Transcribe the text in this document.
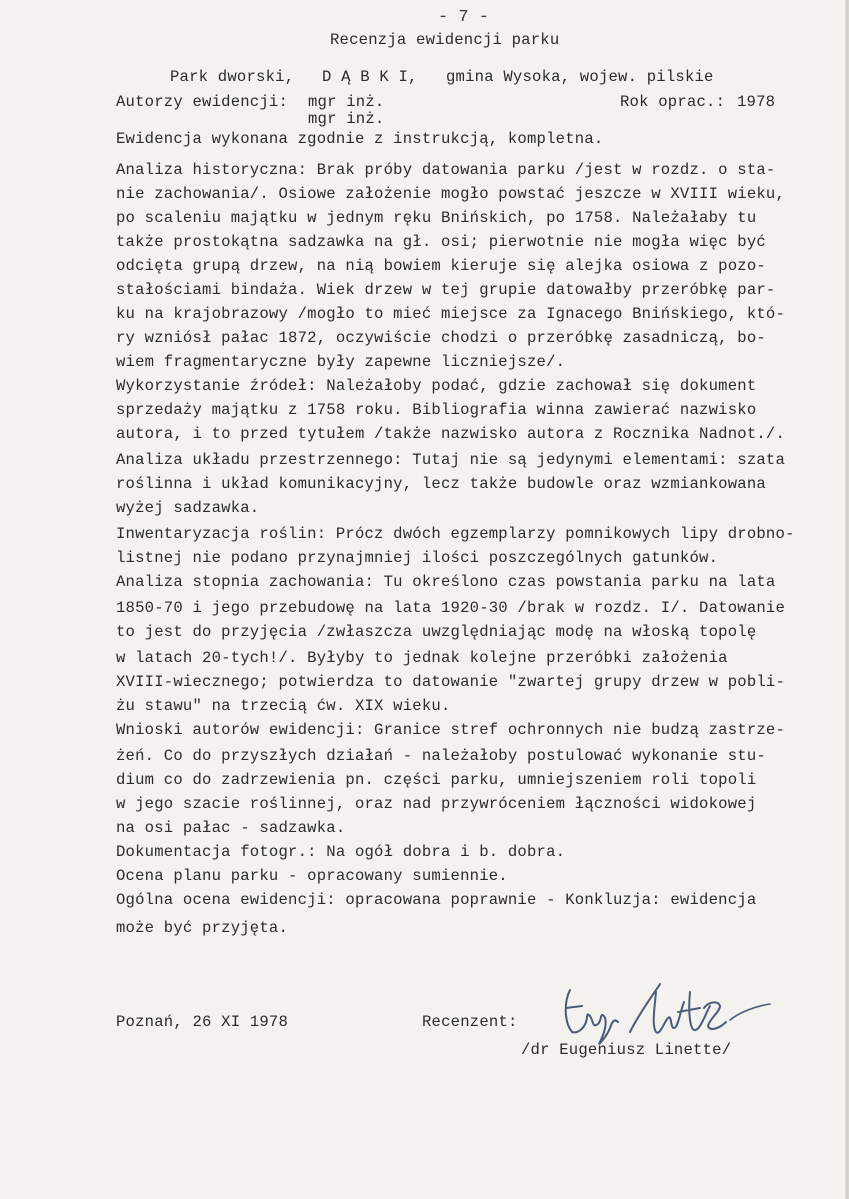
- 7 -
Recenzja ewidencji parku
Park dworski, D Ą B K I, gmina Wysoka, wojew. pilskie
Autorzy ewidencji: mgr inż.
mgr inż.
Rok oprac.: 1978
Ewidencja wykonana zgodnie z instrukcją, kompletna.
Analiza historyczna: Brak próby datowania parku /jest w rozdz. o sta-
nie zachowania/. Osiowe założenie mogło powstać jeszcze w XVIII wieku,
po scaleniu majątku w jednym ręku Bnińskich, po 1758. Należałaby tu
także prostokątna sadzawka na gł. osi; pierwotnie nie mogła więc być
odcięta grupą drzew, na nią bowiem kieruje się alejka osiowa z pozo-
stałościami bindaża. Wiek drzew w tej grupie datowałby przeróbkę par-
ku na krajobrazowy /mogło to mieć miejsce za Ignacego Bnińskiego, któ-
ry wzniósł pałac 1872, oczywiście chodzi o przeróbkę zasadniczą, bo-
wiem fragmentaryczne były zapewne liczniejsze/.
Wykorzystanie źródeł: Należałoby podać, gdzie zachował się dokument
sprzedaży majątku z 1758 roku. Bibliografia winna zawierać nazwisko
autora, i to przed tytułem /także nazwisko autora z Rocznika Nadnot./.
Analiza układu przestrzennego: Tutaj nie są jedynymi elementami: szata
roślinna i układ komunikacyjny, lecz także budowle oraz wzmiankowana
wyżej sadzawka.
Inwentaryzacja roślin: Prócz dwóch egzemplarzy pomnikowych lipy drobno-
listnej nie podano przynajmniej ilości poszczególnych gatunków.
Analiza stopnia zachowania: Tu określono czas powstania parku na lata
1850-70 i jego przebudowę na lata 1920-30 /brak w rozdz. I/. Datowanie
to jest do przyjęcia /zwłaszcza uwzględniając modę na włoską topolę
w latach 20-tych!/. Byłyby to jednak kolejne przeróbki założenia
XVIII-wiecznego; potwierdza to datowanie "zwartej grupy drzew w pobli-
żu stawu" na trzecią ćw. XIX wieku.
Wnioski autorów ewidencji: Granice stref ochronnych nie budzą zastrze-
żeń. Co do przyszłych działań - należałoby postulować wykonanie stu-
dium co do zadrzewienia pn. części parku, umniejszeniem roli topoli
w jego szacie roślinnej, oraz nad przywróceniem łączności widokowej
na osi pałac - sadzawka.
Dokumentacja fotogr.: Na ogół dobra i b. dobra.
Ocena planu parku - opracowany sumiennie.
Ogólna ocena ewidencji: opracowana poprawnie - Konkluzja: ewidencja
może być przyjęta.
Poznań, 26 XI 1978	Recenzent:
/dr Eugeniusz Linette/
